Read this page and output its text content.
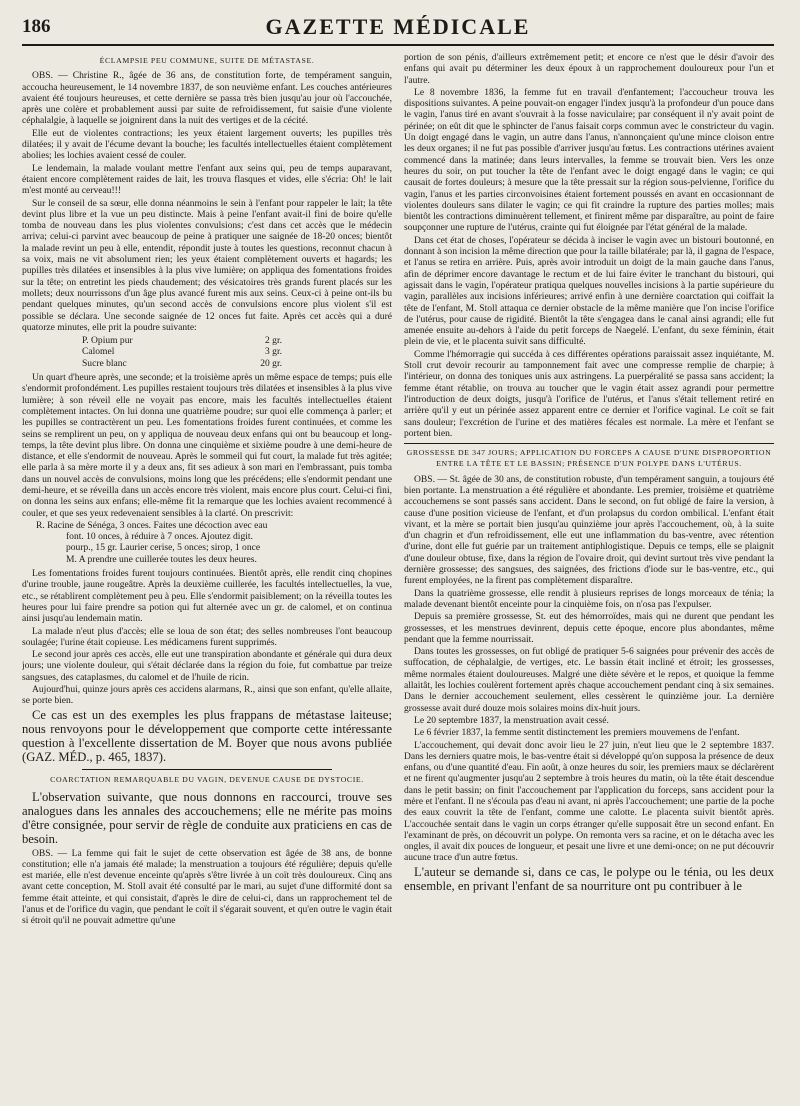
186	GAZETTE MÉDICALE
ÉCLAMPSIE PEU COMMUNE, SUITE DE MÉTASTASE.

OBS. — Christine R., âgée de 36 ans, de constitution forte, de tempérament sanguin, accoucha heureusement, le 14 novembre 1837, de son neuvième enfant. Les couches antérieures avaient été toujours heureuses, et cette dernière se passa très bien jusqu'au jour où l'accouchée, après une colère et probablement aussi par suite de refroidissement, fut saisie d'une violente céphalalgie, à laquelle se joignirent dans la nuit des vertiges et de la cécité.

Elle eut de violentes contractions; les yeux étaient largement ouverts; les pupilles très dilatées; il y avait de l'écume devant la bouche; les facultés intellectuelles étaient complètement abolies; les lochies avaient cessé de couler.

Le lendemain, la malade voulant mettre l'enfant aux seins qui, peu de temps auparavant, étaient encore complètement raides de lait, les trouva flasques et vides, elle s'écria: Oh! le lait m'est monté au cerveau!!!

Sur le conseil de sa sœur, elle donna néanmoins le sein à l'enfant pour rappeler le lait; la tête devint plus libre et la vue un peu distincte. Mais à peine l'enfant avait-il fini de boire qu'elle tomba de nouveau dans les plus violentes convulsions; c'est dans cet accès que le médecin arriva; celui-ci parvint avec beaucoup de peine à pratiquer une saignée de 18-20 onces; bientôt la malade revint un peu à elle, entendit, répondit juste à toutes les questions, reconnut chacun à sa voix, mais ne vit absolument rien; les yeux étaient complètement ouverts et hagards; les pupilles très dilatées et insensibles à la plus vive lumière; on appliqua des fomentations froides sur la tête; on entretint les pieds chaudement; des vésicatoires très grands furent placés sur les mollets; deux nourrissons d'un âge plus avancé furent mis aux seins. Ceux-ci à peine ont-ils bu pendant quelques minutes, qu'un second accès de convulsions encore plus violent s'il est possible se déclara. Une seconde saignée de 12 onces fut faite. Après cet accès qui a duré quatorze minutes, elle prit la poudre suivante:

P. Opium pur	2 gr.
Calomel	3 gr.
Sucre blanc	20 gr.

Un quart d'heure après, une seconde; et la troisième après un même espace de temps; puis elle s'endormit profondément. Les pupilles restaient toujours très dilatées et insensibles à la plus vive lumière; à son réveil elle ne voyait pas encore, mais les facultés intellectuelles étaient complètement intactes. On lui donna une quatrième poudre; sur quoi elle commença à parler; et les pupilles se contractèrent un peu. Les fomentations froides furent continuées, et comme les seins se remplirent un peu, on y appliqua de nouveau deux enfans qui ont bu beaucoup et long-temps, la tête devint plus libre. On donna une cinquième et sixième poudre à une demi-heure de distance, et elle s'endormit de nouveau. Après le sommeil qui fut court, la malade fut très agitée; elle parla à sa mère morte il y a deux ans, fit ses adieux à son mari en l'embrassant, puis tomba dans un nouvel accès de convulsions, moins long que les précédens; elle s'endormit pendant une demi-heure, et se réveilla dans un accès encore très violent, mais encore plus court. Celui-ci fini, on donna les seins aux enfans; elle-même fit la remarque que les lochies avaient recommencé à couler, et que ses yeux redevenaient sensibles à la clarté. On prescrivit:

R. Racine de Sénéga, 3 onces. Faites une décoction avec eau
font. 10 onces, à réduire à 7 onces. Ajoutez digit.
pourp., 15 gr. Laurier cerise, 5 onces; sirop, 1 once
M. A prendre une cuillerée toutes les deux heures.

Les fomentations froides furent toujours continuées. Bientôt après, elle rendit cinq chopines d'urine trouble, jaune rougeâtre. Après la deuxième cuillerée, les facultés intellectuelles, la vue, etc., se rétablirent complètement peu à peu. Elle s'endormit paisiblement; on la réveilla toutes les heures pour lui faire prendre sa potion qui fut alternée avec un gr. de calomel, et on continua ainsi jusqu'au lendemain matin.

La malade n'eut plus d'accès; elle se loua de son état; des selles nombreuses l'ont beaucoup soulagée; l'urine était copieuse. Les médicamens furent supprimés.

Le second jour après ces accès, elle eut une transpiration abondante et générale qui dura deux jours; une violente douleur, qui s'était déclarée dans la région du foie, fut combattue par treize sangsues, des cataplasmes, du calomel et de l'huile de ricin.

Aujourd'hui, quinze jours après ces accidens alarmans, R., ainsi que son enfant, qu'elle allaite, se porte bien.

Ce cas est un des exemples les plus frappans de métastase laiteuse; nous renvoyons pour le développement que comporte cette intéressante question à l'excellente dissertation de M. Boyer que nous avons publiée (GAZ. MÉD., p. 465, 1837).

COARCTATION REMARQUABLE DU VAGIN, DEVENUE CAUSE DE DYSTOCIE.

L'observation suivante, que nous donnons en raccourci, trouve ses analogues dans les annales des accouchemens; elle ne mérite pas moins d'être consignée, pour servir de règle de conduite aux praticiens en cas de besoin.

OBS. — La femme qui fait le sujet de cette observation est âgée de 38 ans, de bonne constitution; elle n'a jamais été malade; la menstruation a toujours été régulière; depuis qu'elle est mariée, elle n'est devenue enceinte qu'après s'être livrée à un coït très douloureux. Cinq ans avant cette conception, M. Stoll avait été consulté par le mari, au sujet d'une difformité dont sa femme était atteinte, et qui consistait, d'après le dire de celui-ci, dans un rapprochement tel de l'anus et de l'orifice du vagin, que pendant le coït il s'égarait souvent, et qu'en outre le vagin était si étroit qu'il ne pouvait admettre qu'une

portion de son pénis, d'ailleurs extrêmement petit; et encore ce n'est que le désir d'avoir des enfans qui avait pu déterminer les deux époux à un rapprochement douloureux pour l'un et l'autre.

Le 8 novembre 1836, la femme fut en travail d'enfantement; l'accoucheur trouva les dispositions suivantes. A peine pouvait-on engager l'index jusqu'à la profondeur d'un pouce dans le vagin, l'anus tiré en avant s'ouvrait à la fosse naviculaire; par conséquent il n'y avait point de périnée; on eût dit que le sphincter de l'anus faisait corps commun avec le constricteur du vagin. Un doigt engagé dans le vagin, un autre dans l'anus, n'annonçaient qu'une mince cloison entre les deux organes; il ne fut pas possible d'arriver jusqu'au fœtus. Les contractions utérines avaient commencé dans la matinée; dans leurs intervalles, la femme se trouvait bien. Vers les onze heures du soir, on put toucher la tête de l'enfant avec le doigt engagé dans le vagin; ce qui causait de fortes douleurs; à mesure que la tête pressait sur la région sous-pelvienne, l'orifice du vagin, l'anus et les parties circonvoisines étaient fortement poussés en avant en occasionnant de violentes douleurs sans dilater le vagin; ce qui fit craindre la rupture des parties molles; mais bientôt les contractions diminuèrent tellement, et finirent même par disparaître, au point de faire soupçonner une rupture de l'utérus, crainte qui fut éloignée par l'état général de la malade.

Dans cet état de choses, l'opérateur se décida à inciser le vagin avec un bistouri boutonné, en donnant à son incision la même direction que pour la taille bilatérale; par là, il gagna de l'espace, et l'anus se retira en arrière. Puis, après avoir introduit un doigt de la main gauche dans l'anus, afin de déprimer encore davantage le rectum et de lui faire éviter le tranchant du bistouri, qui agissait dans le vagin, l'opérateur pratiqua quelques nouvelles incisions à la partie supérieure du vagin, parallèles aux incisions inférieures; arrivé enfin à une dernière coarctation qui coiffait la tête de l'enfant, M. Stoll attaqua ce dernier obstacle de la même manière que l'on incise l'orifice de l'utérus, pour cause de rigidité. Bientôt la tête s'engagea dans le canal ainsi agrandi; elle fut amenée ensuite au-dehors à l'aide du petit forceps de Naegelé. L'enfant, du sexe féminin, était plein de vie, et le placenta suivit sans difficulté.

Comme l'hémorragie qui succéda à ces différentes opérations paraissait assez inquiétante, M. Stoll crut devoir recourir au tamponnement fait avec une compresse remplie de charpie; à l'intérieur, on donna des toniques unis aux astringens. La puerpéralité se passa sans accident; la femme étant rétablie, on trouva au toucher que le vagin était assez agrandi pour permettre l'introduction de deux doigts, jusqu'à l'orifice de l'utérus, et l'anus s'était tellement retiré en arrière qu'il y eut un périnée assez apparent entre ce dernier et l'orifice vaginal. Le coït se fait sans douleur; l'excrétion de l'urine et des matières fécales est normale. La mère et l'enfant se portent bien.

GROSSESSE DE 347 JOURS; APPLICATION DU FORCEPS A CAUSE D'UNE DISPROPORTION ENTRE LA TÊTE ET LE BASSIN; PRÉSENCE D'UN POLYPE DANS L'UTÉRUS.

OBS. — St. âgée de 30 ans, de constitution robuste, d'un tempérament sanguin, a toujours été bien portante. La menstruation a été régulière et abondante. Les premier, troisième et quatrième accouchemens se sont passés sans accident. Dans le second, on fut obligé de faire la version, à cause d'une position vicieuse de l'enfant, et d'un prolapsus du cordon ombilical. L'enfant était vivant, et la mère se portait bien jusqu'au quinzième jour après l'accouchement, où, à la suite d'un chagrin et d'un refroidissement, elle eut une inflammation du bas-ventre, avec rétention d'urine, dont elle fut guérie par un traitement antiphlogistique. Depuis ce temps, elle se plaignit d'une douleur obtuse, fixe, dans la région de l'ovaire droit, qui devint surtout très vive pendant la dernière grossesse; des sangsues, des saignées, des frictions d'iode sur le bas-ventre, etc., qui furent employées, ne la firent pas complètement disparaître.

Dans la quatrième grossesse, elle rendit à plusieurs reprises de longs morceaux de ténia; la malade devenant bientôt enceinte pour la cinquième fois, on n'osa pas l'expulser.

Depuis sa première grossesse, St. eut des hémorroïdes, mais qui ne durent que pendant les grossesses, et les menstrues devinrent, depuis cette époque, encore plus abondantes, même pendant que la femme nourrissait.

Dans toutes les grossesses, on fut obligé de pratiquer 5-6 saignées pour prévenir des accès de suffocation, de céphalalgie, de vertiges, etc. Le bassin était incliné et étroit; les grossesses, même normales étaient douloureuses. Malgré une diète sévère et le repos, et quoique la femme allaitât, les lochies coulèrent fortement après chaque accouchement pendant cinq à six semaines. Dans le dernier accouchement seulement, elles cessèrent le quinzième jour. La dernière grossesse avait duré douze mois solaires moins dix-huit jours.

Le 20 septembre 1837, la menstruation avait cessé.

Le 6 février 1837, la femme sentit distinctement les premiers mouvemens de l'enfant.

L'accouchement, qui devait donc avoir lieu le 27 juin, n'eut lieu que le 2 septembre 1837. Dans les derniers quatre mois, le bas-ventre était si développé qu'on supposa la présence de deux enfans, ou d'une quantité d'eau. Fin août, à onze heures du soir, les premiers maux se déclarèrent et ne firent qu'augmenter jusqu'au 2 septembre à trois heures du matin, où la tête était descendue dans le petit bassin; on finit l'accouchement par l'application du forceps, sans accident pour la mère et l'enfant. Il ne s'écoula pas d'eau ni avant, ni après l'accouchement; une partie de la poche des eaux couvrit la tête de l'enfant, comme une calotte. Le placenta suivit bientôt après. L'accouchée sentait dans le vagin un corps étranger qu'elle supposait être un second enfant. En l'examinant de près, on découvrit un polype. On remonta vers sa racine, et on le détacha avec les ongles, il avait dix pouces de longueur, et pesait une livre et une demi-once; on ne put découvrir aucune trace d'un autre fœtus.

L'auteur se demande si, dans ce cas, le polype ou le ténia, ou les deux ensemble, en privant l'enfant de sa nourriture ont pu contribuer à le
